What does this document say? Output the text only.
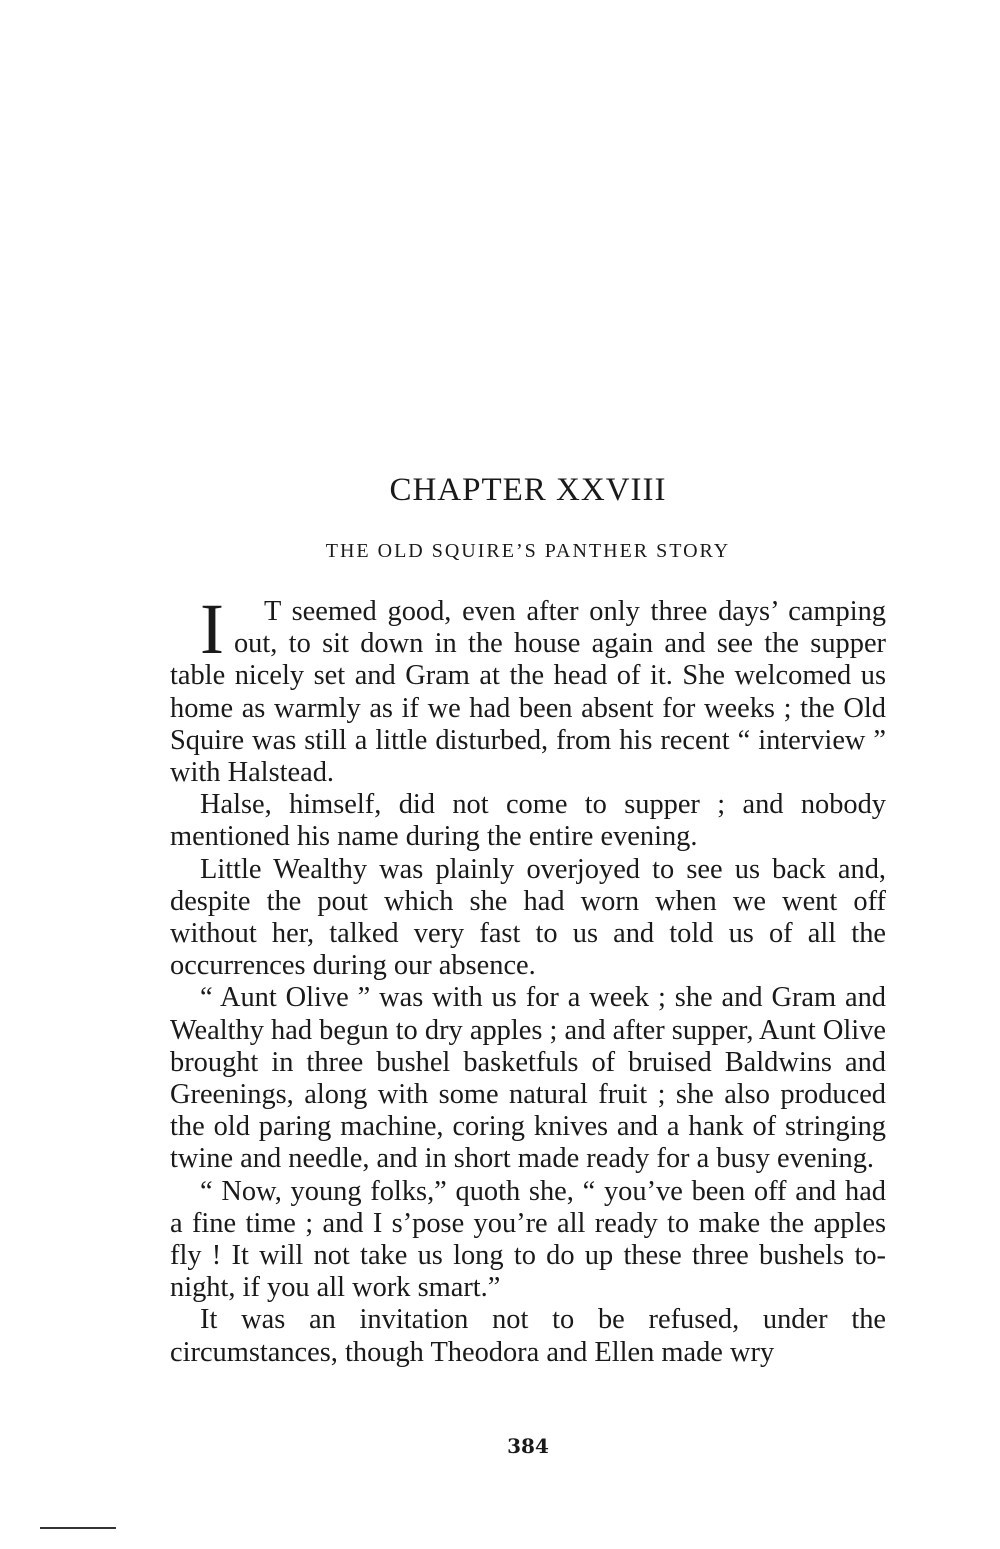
CHAPTER XXVIII
THE OLD SQUIRE’S PANTHER STORY

I T seemed good, even after only three days’ camping out, to sit down in the house again and see the supper table nicely set and Gram at the head of it. She welcomed us home as warmly as if we had been absent for weeks ; the Old Squire was still a little disturbed, from his recent “ interview ” with Halstead.

Halse, himself, did not come to supper ; and nobody mentioned his name during the entire evening.

Little Wealthy was plainly overjoyed to see us back and, despite the pout which she had worn when we went off without her, talked very fast to us and told us of all the occurrences during our absence.

“ Aunt Olive ” was with us for a week ; she and Gram and Wealthy had begun to dry apples ; and after supper, Aunt Olive brought in three bushel basketfuls of bruised Baldwins and Greenings, along with some natural fruit ; she also produced the old paring machine, coring knives and a hank of stringing twine and needle, and in short made ready for a busy evening.

“ Now, young folks,” quoth she, “ you’ve been off and had a fine time ; and I s’pose you’re all ready to make the apples fly ! It will not take us long to do up these three bushels to-night, if you all work smart.”

It was an invitation not to be refused, under the circumstances, though Theodora and Ellen made wry

384
